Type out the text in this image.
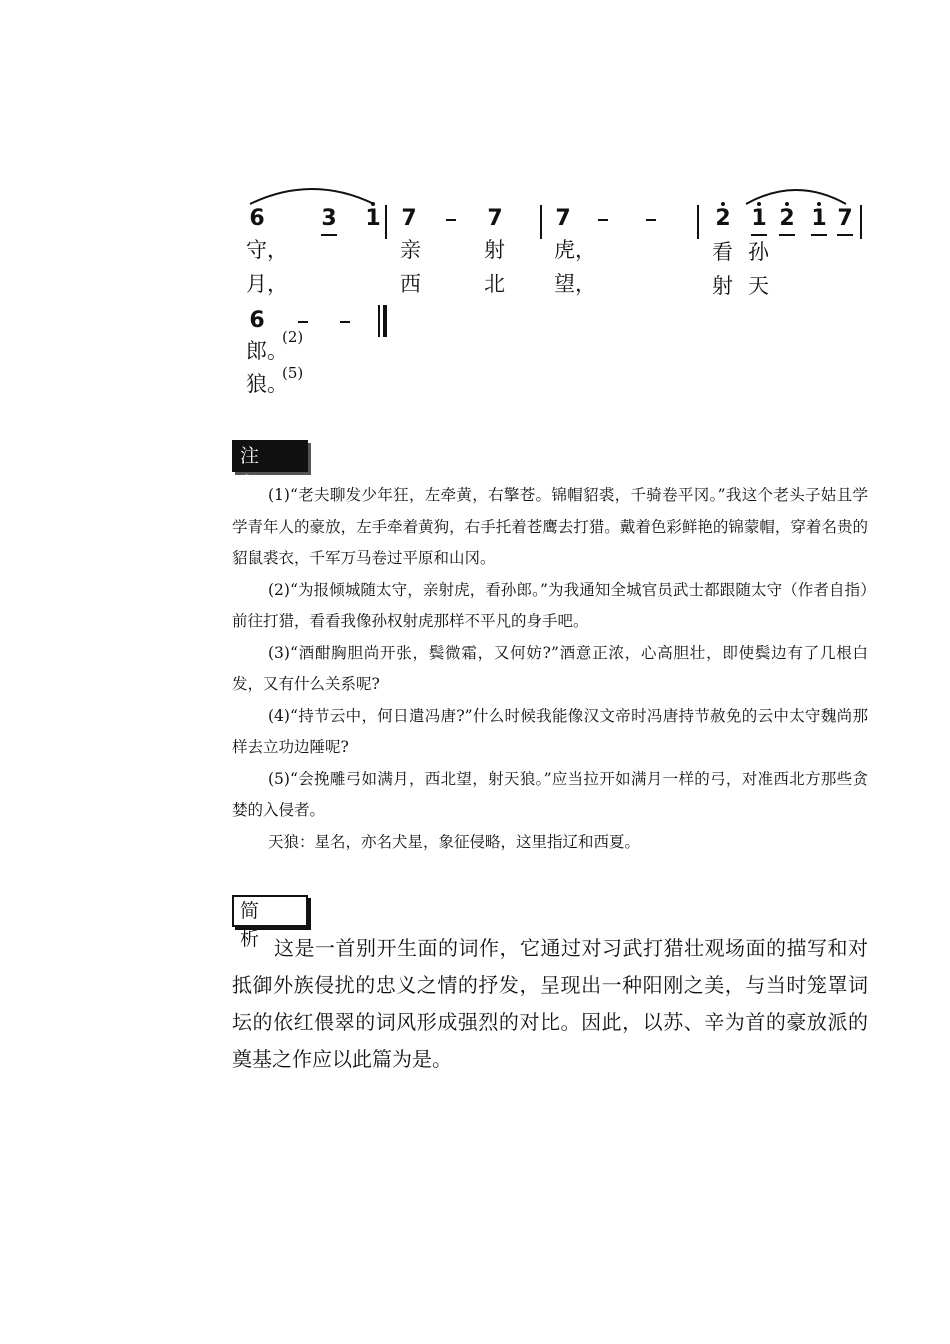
6	3 1 7	7 7	2 1 2 1 7
守，	亲	射 虎，	看 孙
月，	西	北 望，	射 天
6
郎。
(2)
狼。
(5)
注释

(1)“老夫聊发少年狂，左牵黄，右擎苍。锦帽貂裘，千骑卷平冈。”我这个老头子姑且学学青年人的豪放，左手牵着黄狗，右手托着苍鹰去打猎。戴着色彩鲜艳的锦蒙帽，穿着名贵的貂鼠裘衣，千军万马卷过平原和山冈。

(2)“为报倾城随太守，亲射虎，看孙郎。”为我通知全城官员武士都跟随太守（作者自指）前往打猎，看看我像孙权射虎那样不平凡的身手吧。

(3)“酒酣胸胆尚开张，鬓微霜，又何妨?”酒意正浓，心高胆壮，即使鬓边有了几根白发，又有什么关系呢?

(4)“持节云中，何日遣冯唐?”什么时候我能像汉文帝时冯唐持节赦免的云中太守魏尚那样去立功边陲呢?

(5)“会挽雕弓如满月，西北望，射天狼。”应当拉开如满月一样的弓，对准西北方那些贪婪的入侵者。

天狼：星名，亦名犬星，象征侵略，这里指辽和西夏。

简析 这是一首别开生面的词作，它通过对习武打猎壮观场面的描写和对抵御外族侵扰的忠义之情的抒发，呈现出一种阳刚之美，与当时笼罩词坛的依红偎翠的词风形成强烈的对比。因此，以苏、辛为首的豪放派的奠基之作应以此篇为是。
